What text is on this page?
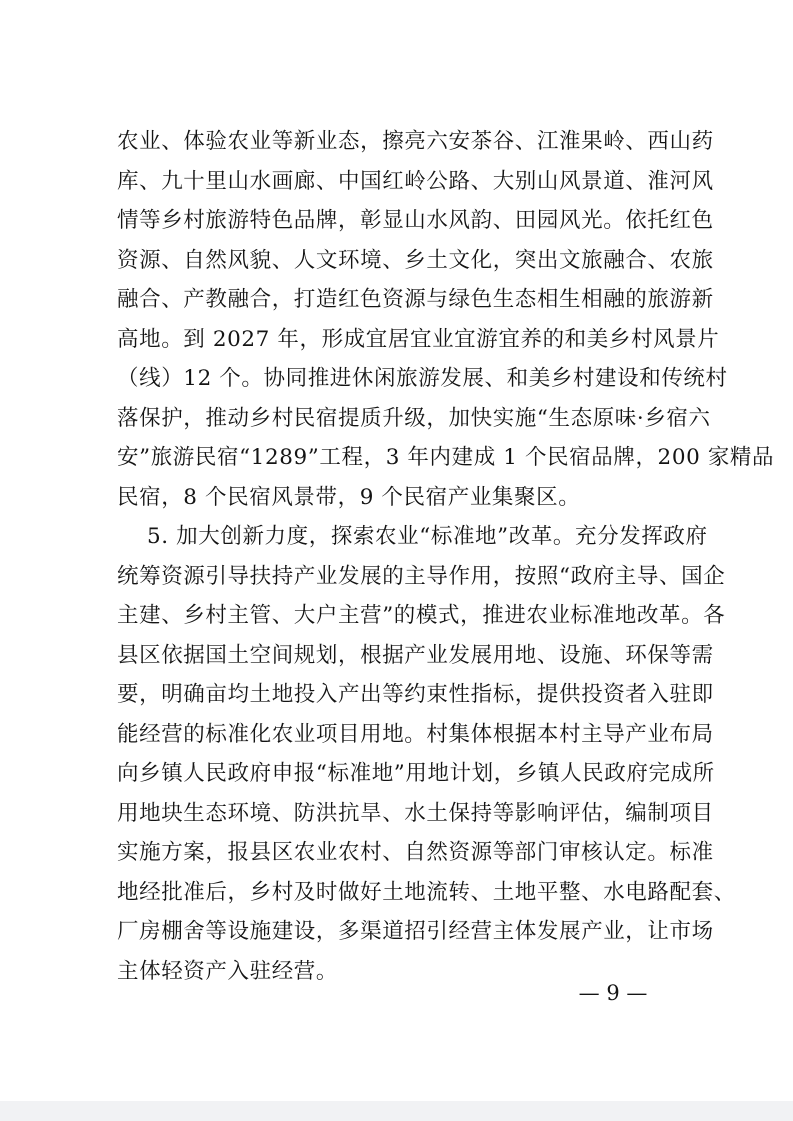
农业、体验农业等新业态，擦亮六安茶谷、江淮果岭、西山药
库、九十里山水画廊、中国红岭公路、大别山风景道、淮河风
情等乡村旅游特色品牌，彰显山水风韵、田园风光。依托红色
资源、自然风貌、人文环境、乡土文化，突出文旅融合、农旅
融合、产教融合，打造红色资源与绿色生态相生相融的旅游新
高地。到 2027 年，形成宜居宜业宜游宜养的和美乡村风景片
（线）12 个。协同推进休闲旅游发展、和美乡村建设和传统村
落保护，推动乡村民宿提质升级，加快实施“生态原味·乡宿六
安”旅游民宿“1289”工程，3 年内建成 1 个民宿品牌，200 家精品
民宿，8 个民宿风景带，9 个民宿产业集聚区。
5. 加大创新力度，探索农业“标准地”改革。充分发挥政府
统筹资源引导扶持产业发展的主导作用，按照“政府主导、国企
主建、乡村主管、大户主营”的模式，推进农业标准地改革。各
县区依据国土空间规划，根据产业发展用地、设施、环保等需
要，明确亩均土地投入产出等约束性指标，提供投资者入驻即
能经营的标准化农业项目用地。村集体根据本村主导产业布局
向乡镇人民政府申报“标准地”用地计划，乡镇人民政府完成所
用地块生态环境、防洪抗旱、水土保持等影响评估，编制项目
实施方案，报县区农业农村、自然资源等部门审核认定。标准
地经批准后，乡村及时做好土地流转、土地平整、水电路配套、
厂房棚舍等设施建设，多渠道招引经营主体发展产业，让市场
主体轻资产入驻经营。
— 9 —
